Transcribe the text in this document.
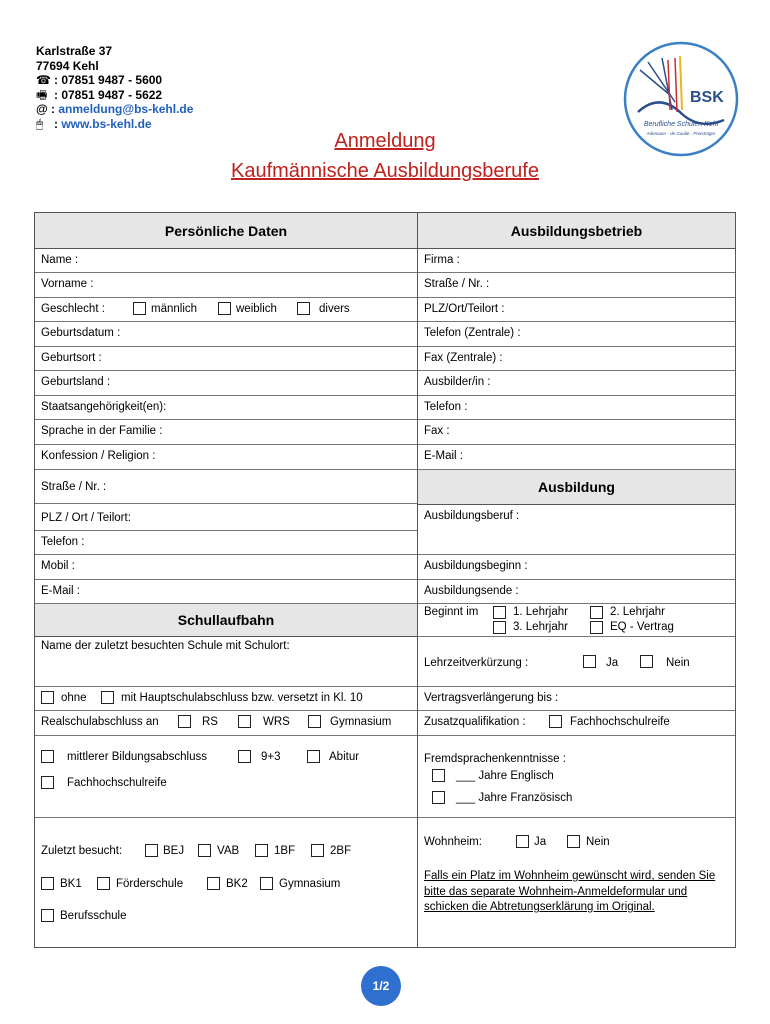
Karlstraße 37
77694 Kehl
☎ : 07851 9487 - 5600
🖷 : 07851 9487 - 5622
@ : anmeldung@bs-kehl.de
🖱 : www.bs-kehl.de
BSK
Berufliche Schulen Kehl
Adenauer - de Gaulle - Preisträger
Anmeldung
Kaufmännische Ausbildungsberufe
Persönliche Daten
Name :
Vorname :
Geschlecht :	männlich	weiblich	divers
Geburtsdatum :
Geburtsort :
Geburtsland :
Staatsangehörigkeit(en):
Sprache in der Familie :
Konfession / Religion :
Straße / Nr. :
PLZ / Ort / Teilort:
Telefon :
Mobil :
E-Mail :
Schullaufbahn
Name der zuletzt besuchten Schule mit Schulort:
ohne	mit Hauptschulabschluss bzw. versetzt in Kl. 10
Realschulabschluss an	RS	WRS	Gymnasium
mittlerer Bildungsabschluss	9+3	Abitur
Fachhochschulreife
Zuletzt besucht:	BEJ	VAB	1BF	2BF
BK1	Förderschule	BK2	Gymnasium
Berufsschule
Ausbildungsbetrieb
Firma :
Straße / Nr. :
PLZ/Ort/Teilort :
Telefon (Zentrale) :
Fax (Zentrale) :
Ausbilder/in :
Telefon :
Fax :
E-Mail :
Ausbildung
Ausbildungsberuf :
Ausbildungsbeginn :
Ausbildungsende :
Beginnt im	1. Lehrjahr	2. Lehrjahr
3. Lehrjahr	EQ - Vertrag
Lehrzeitverkürzung :	Ja	Nein
Vertragsverlängerung bis :
Zusatzqualifikation :	Fachhochschulreife
Fremdsprachenkenntnisse :
___ Jahre Englisch
___ Jahre Französisch
Wohnheim:	Ja	Nein
Falls ein Platz im Wohnheim gewünscht wird, senden Sie bitte das separate Wohnheim-Anmeldeformular und schicken die Abtretungserklärung im Original.
1/2
